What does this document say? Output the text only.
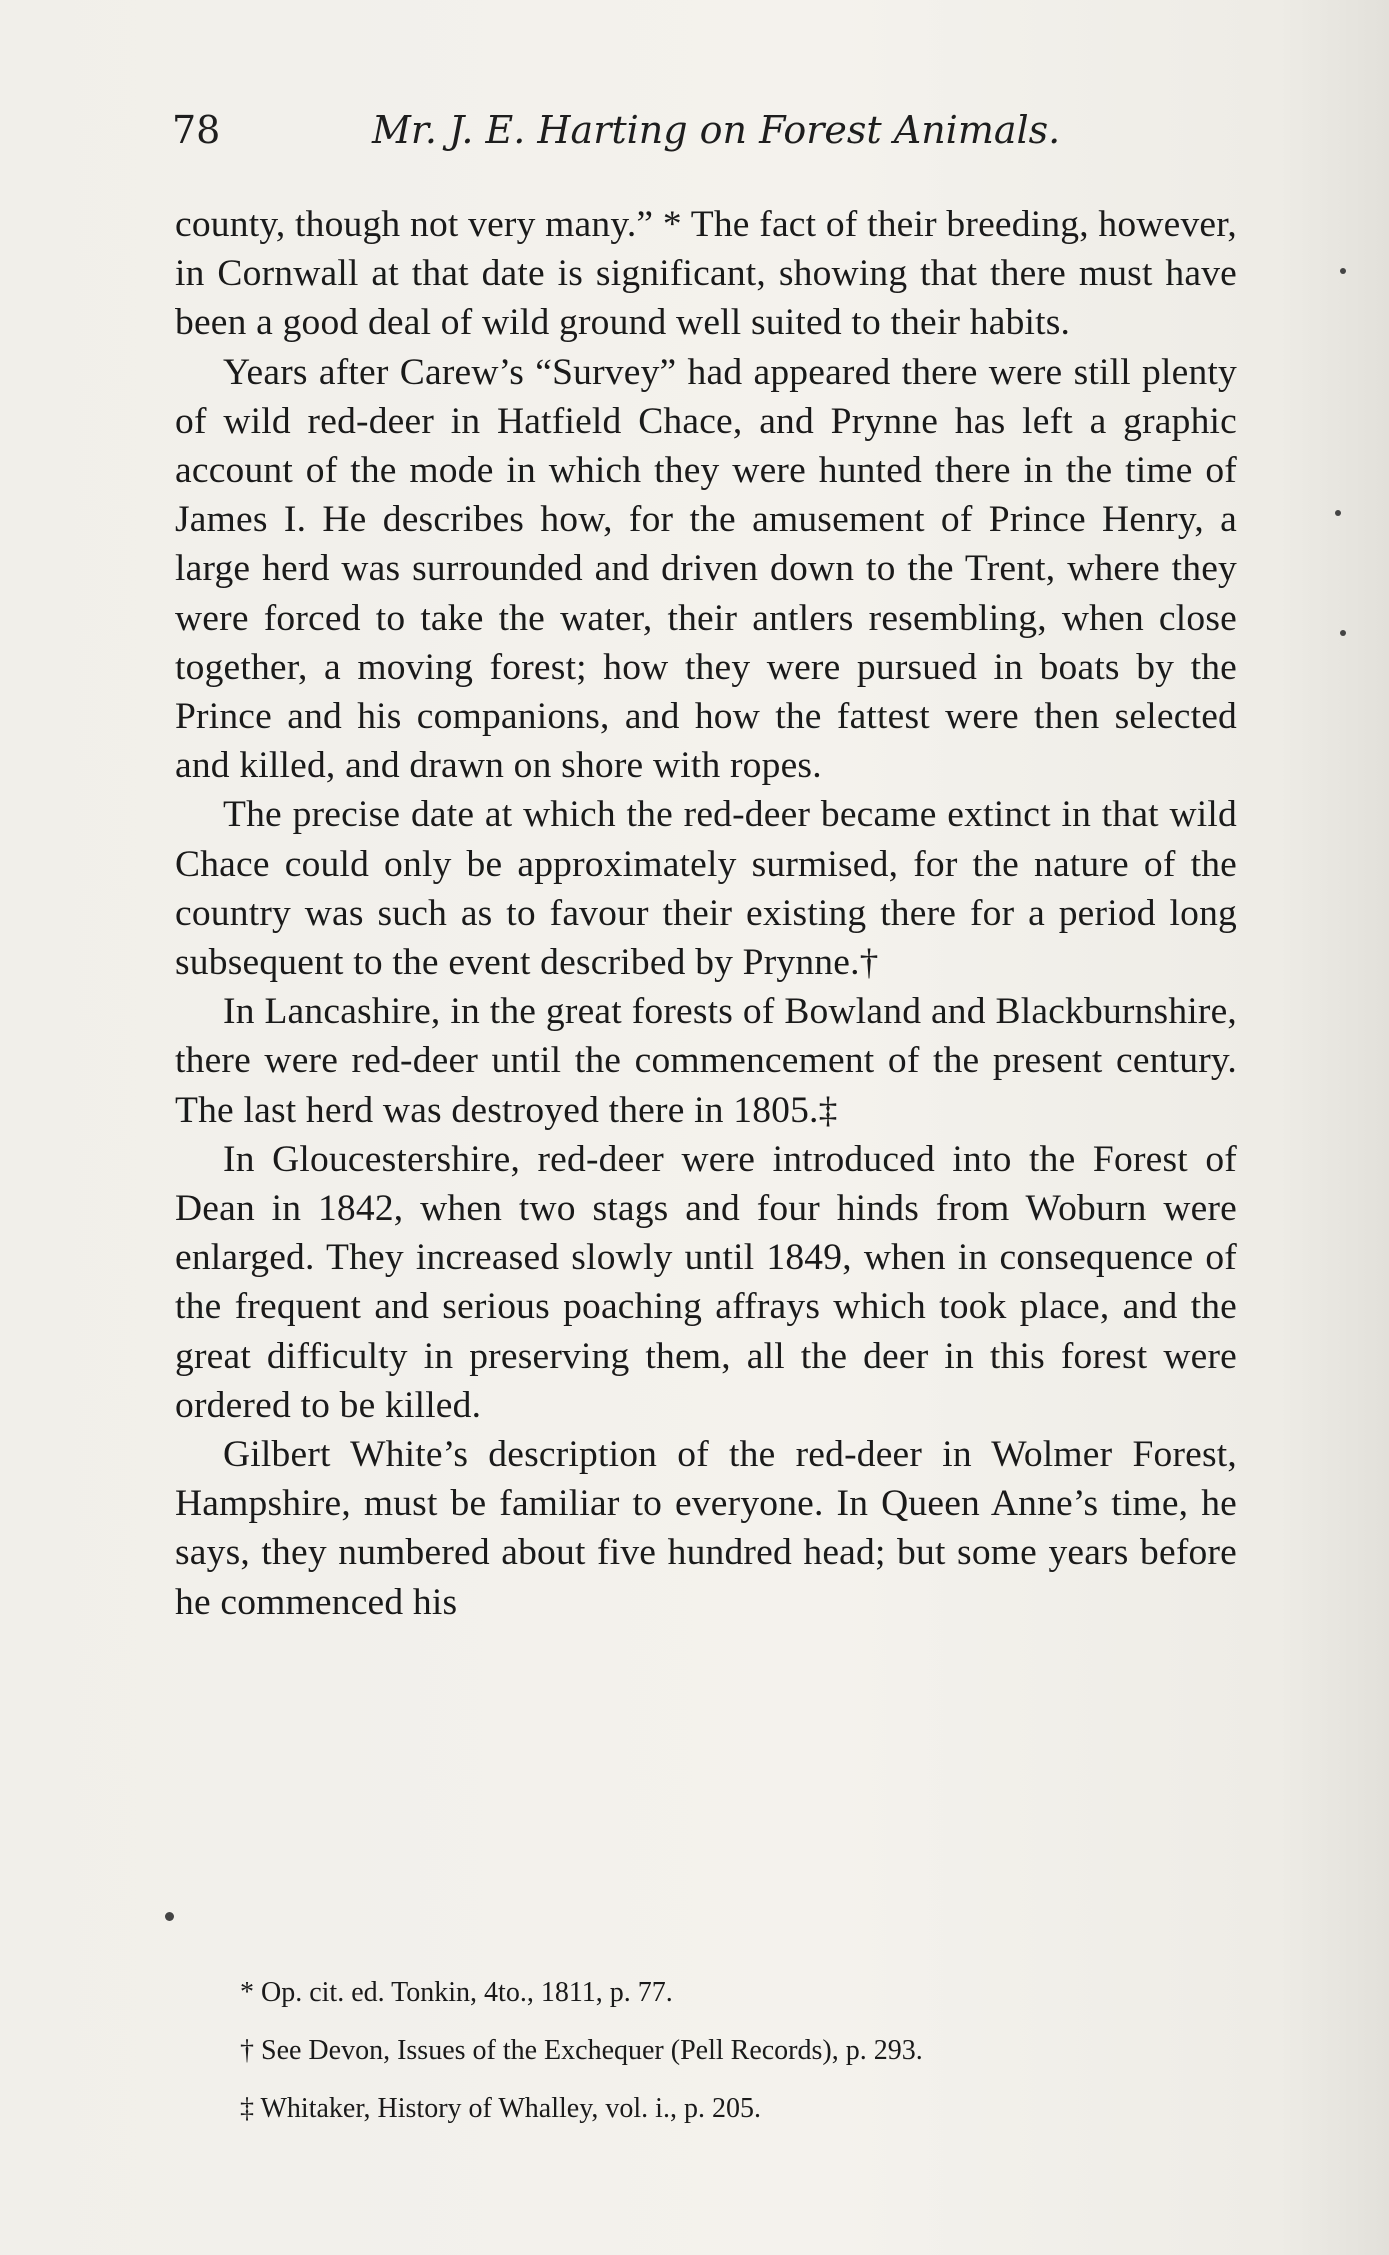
78	Mr. J. E. Harting on Forest Animals.

county, though not very many.” * The fact of their breeding, however, in Cornwall at that date is significant, showing that there must have been a good deal of wild ground well suited to their habits.

Years after Carew’s “Survey” had appeared there were still plenty of wild red-deer in Hatfield Chace, and Prynne has left a graphic account of the mode in which they were hunted there in the time of James I. He describes how, for the amusement of Prince Henry, a large herd was surrounded and driven down to the Trent, where they were forced to take the water, their antlers resembling, when close together, a moving forest; how they were pursued in boats by the Prince and his companions, and how the fattest were then selected and killed, and drawn on shore with ropes.

The precise date at which the red-deer became extinct in that wild Chace could only be approximately surmised, for the nature of the country was such as to favour their existing there for a period long subsequent to the event described by Prynne.†

In Lancashire, in the great forests of Bowland and Blackburnshire, there were red-deer until the commencement of the present century. The last herd was destroyed there in 1805.‡

In Gloucestershire, red-deer were introduced into the Forest of Dean in 1842, when two stags and four hinds from Woburn were enlarged. They increased slowly until 1849, when in consequence of the frequent and serious poaching affrays which took place, and the great difficulty in preserving them, all the deer in this forest were ordered to be killed.

Gilbert White’s description of the red-deer in Wolmer Forest, Hampshire, must be familiar to everyone. In Queen Anne’s time, he says, they numbered about five hundred head; but some years before he commenced his

* Op. cit. ed. Tonkin, 4to., 1811, p. 77.

† See Devon, Issues of the Exchequer (Pell Records), p. 293.

‡ Whitaker, History of Whalley, vol. i., p. 205.
